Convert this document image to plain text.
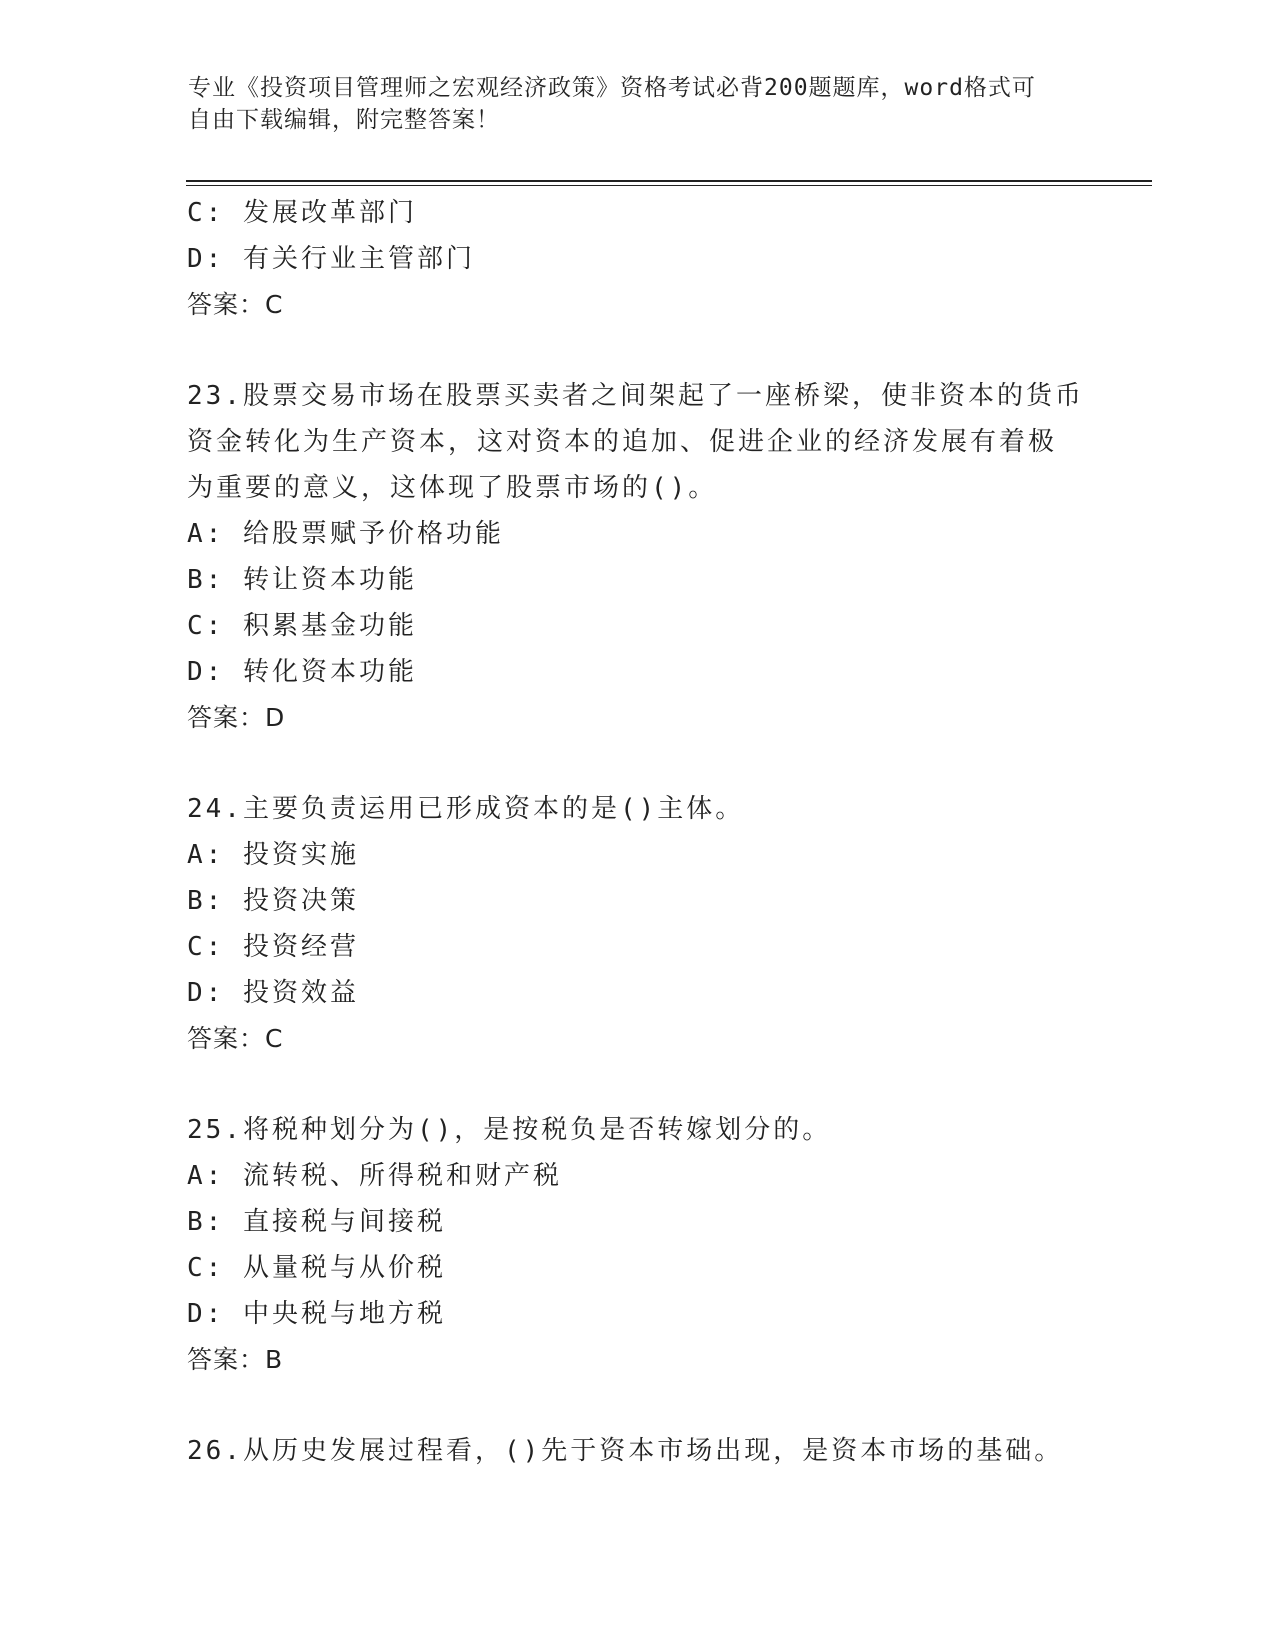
专业《投资项目管理师之宏观经济政策》资格考试必背200题题库，word格式可
自由下载编辑，附完整答案！
C: 发展改革部门
D: 有关行业主管部门
答案：C
23.股票交易市场在股票买卖者之间架起了一座桥梁，使非资本的货币
资金转化为生产资本，这对资本的追加、促进企业的经济发展有着极
为重要的意义，这体现了股票市场的()。
A: 给股票赋予价格功能
B: 转让资本功能
C: 积累基金功能
D: 转化资本功能
答案：D
24.主要负责运用已形成资本的是()主体。
A: 投资实施
B: 投资决策
C: 投资经营
D: 投资效益
答案：C
25.将税种划分为()，是按税负是否转嫁划分的。
A: 流转税、所得税和财产税
B: 直接税与间接税
C: 从量税与从价税
D: 中央税与地方税
答案：B
26.从历史发展过程看，()先于资本市场出现，是资本市场的基础。
